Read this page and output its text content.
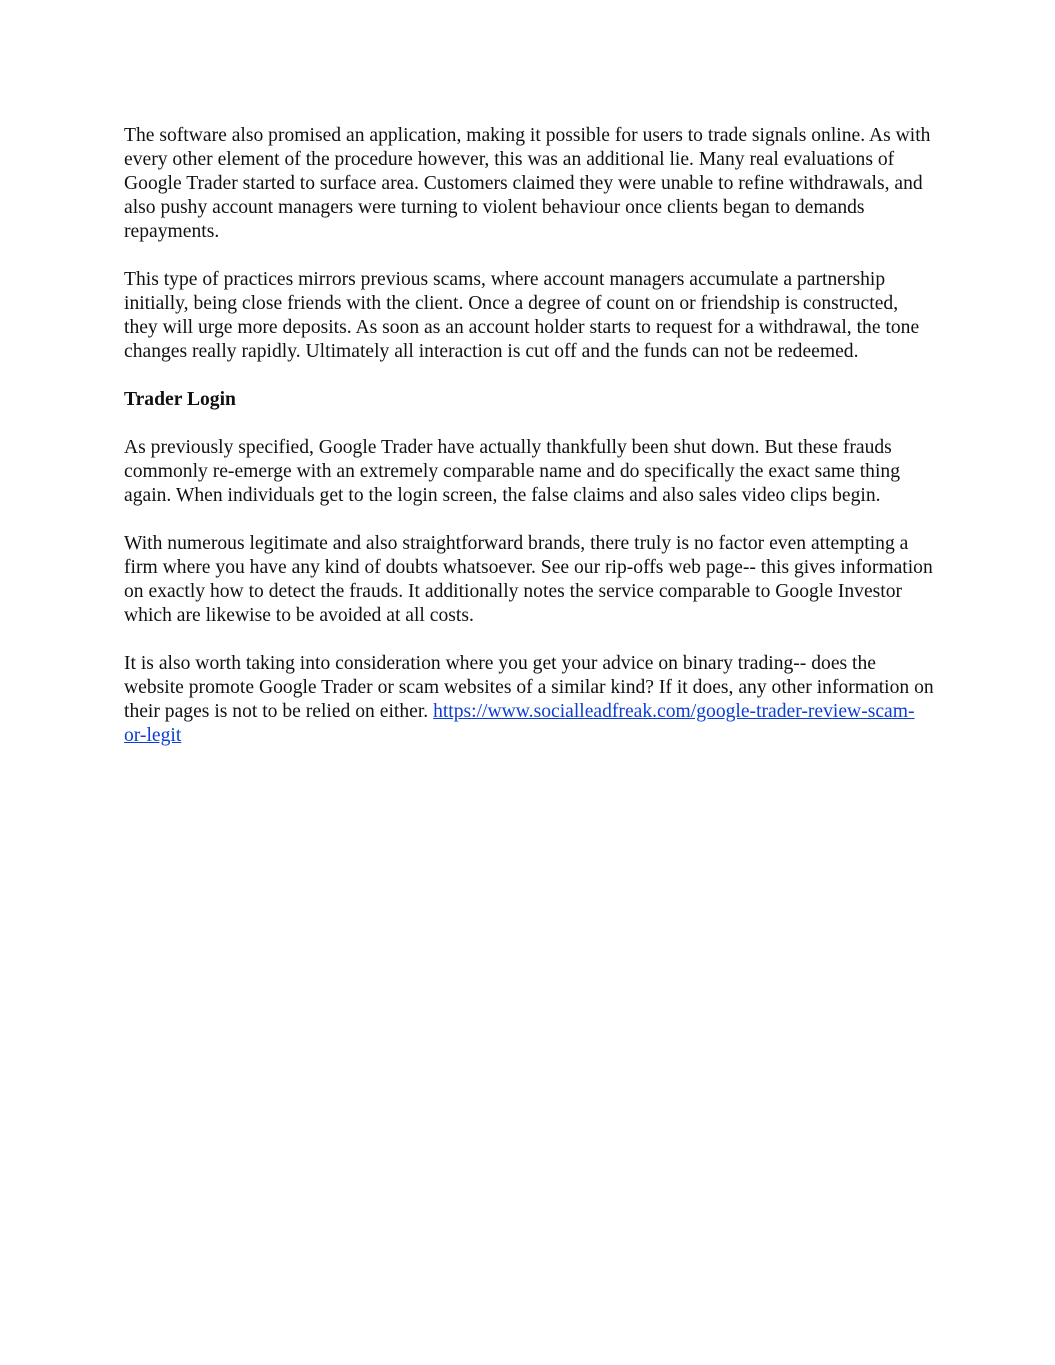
The software also promised an application, making it possible for users to trade signals online. As with every other element of the procedure however, this was an additional lie. Many real evaluations of Google Trader started to surface area. Customers claimed they were unable to refine withdrawals, and also pushy account managers were turning to violent behaviour once clients began to demands repayments.

This type of practices mirrors previous scams, where account managers accumulate a partnership initially, being close friends with the client. Once a degree of count on or friendship is constructed, they will urge more deposits. As soon as an account holder starts to request for a withdrawal, the tone changes really rapidly. Ultimately all interaction is cut off and the funds can not be redeemed.

Trader Login

As previously specified, Google Trader have actually thankfully been shut down. But these frauds commonly re-emerge with an extremely comparable name and do specifically the exact same thing again. When individuals get to the login screen, the false claims and also sales video clips begin.

With numerous legitimate and also straightforward brands, there truly is no factor even attempting a firm where you have any kind of doubts whatsoever. See our rip-offs web page-- this gives information on exactly how to detect the frauds. It additionally notes the service comparable to Google Investor which are likewise to be avoided at all costs.

It is also worth taking into consideration where you get your advice on binary trading-- does the website promote Google Trader or scam websites of a similar kind? If it does, any other information on their pages is not to be relied on either. https://www.socialleadfreak.com/google-trader-review-scam-or-legit
